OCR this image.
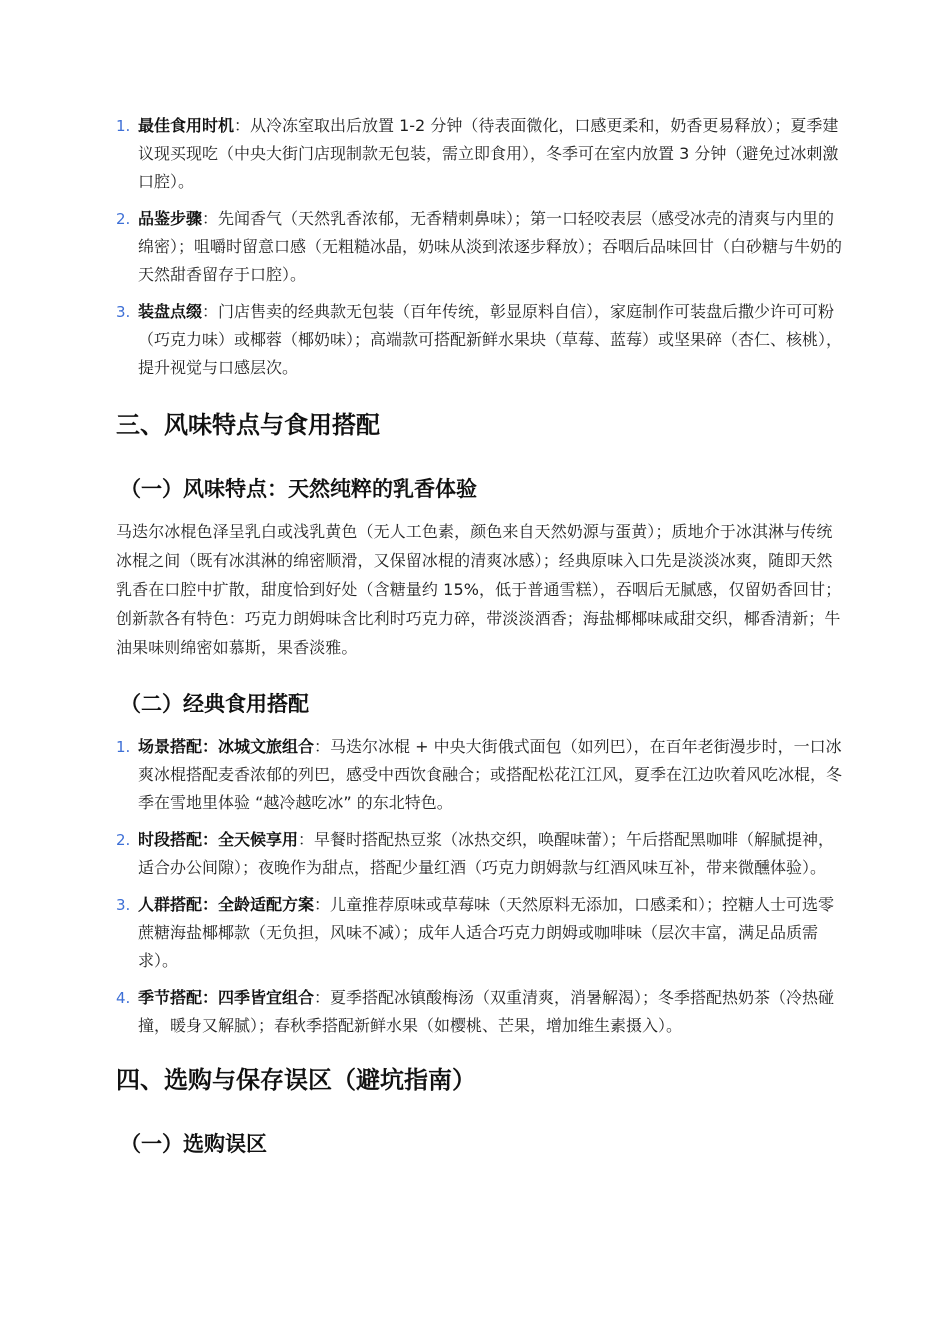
1. 最佳食用时机：从冷冻室取出后放置 1-2 分钟（待表面微化，口感更柔和，奶香更易释放）；夏季建议现买现吃（中央大街门店现制款无包装，需立即食用），冬季可在室内放置 3 分钟（避免过冰刺激口腔）。
2. 品鉴步骤：先闻香气（天然乳香浓郁，无香精刺鼻味）；第一口轻咬表层（感受冰壳的清爽与内里的绵密）；咀嚼时留意口感（无粗糙冰晶，奶味从淡到浓逐步释放）；吞咽后品味回甘（白砂糖与牛奶的天然甜香留存于口腔）。
3. 装盘点缀：门店售卖的经典款无包装（百年传统，彰显原料自信），家庭制作可装盘后撒少许可可粉（巧克力味）或椰蓉（椰奶味）；高端款可搭配新鲜水果块（草莓、蓝莓）或坚果碎（杏仁、核桃），提升视觉与口感层次。
三、风味特点与食用搭配
（一）风味特点：天然纯粹的乳香体验

马迭尔冰棍色泽呈乳白或浅乳黄色（无人工色素，颜色来自天然奶源与蛋黄）；质地介于冰淇淋与传统冰棍之间（既有冰淇淋的绵密顺滑，又保留冰棍的清爽冰感）；经典原味入口先是淡淡冰爽，随即天然乳香在口腔中扩散，甜度恰到好处（含糖量约 15%，低于普通雪糕），吞咽后无腻感，仅留奶香回甘；创新款各有特色：巧克力朗姆味含比利时巧克力碎，带淡淡酒香；海盐椰椰味咸甜交织，椰香清新；牛油果味则绵密如慕斯，果香淡雅。

（二）经典食用搭配
1. 场景搭配：冰城文旅组合：马迭尔冰棍 + 中央大街俄式面包（如列巴），在百年老街漫步时，一口冰爽冰棍搭配麦香浓郁的列巴，感受中西饮食融合；或搭配松花江江风，夏季在江边吹着风吃冰棍，冬季在雪地里体验 “越冷越吃冰” 的东北特色。
2. 时段搭配：全天候享用：早餐时搭配热豆浆（冰热交织，唤醒味蕾）；午后搭配黑咖啡（解腻提神，适合办公间隙）；夜晚作为甜点，搭配少量红酒（巧克力朗姆款与红酒风味互补，带来微醺体验）。
3. 人群搭配：全龄适配方案：儿童推荐原味或草莓味（天然原料无添加，口感柔和）；控糖人士可选零蔗糖海盐椰椰款（无负担，风味不减）；成年人适合巧克力朗姆或咖啡味（层次丰富，满足品质需求）。
4. 季节搭配：四季皆宜组合：夏季搭配冰镇酸梅汤（双重清爽，消暑解渴）；冬季搭配热奶茶（冷热碰撞，暖身又解腻）；春秋季搭配新鲜水果（如樱桃、芒果，增加维生素摄入）。
四、选购与保存误区（避坑指南）
（一）选购误区
